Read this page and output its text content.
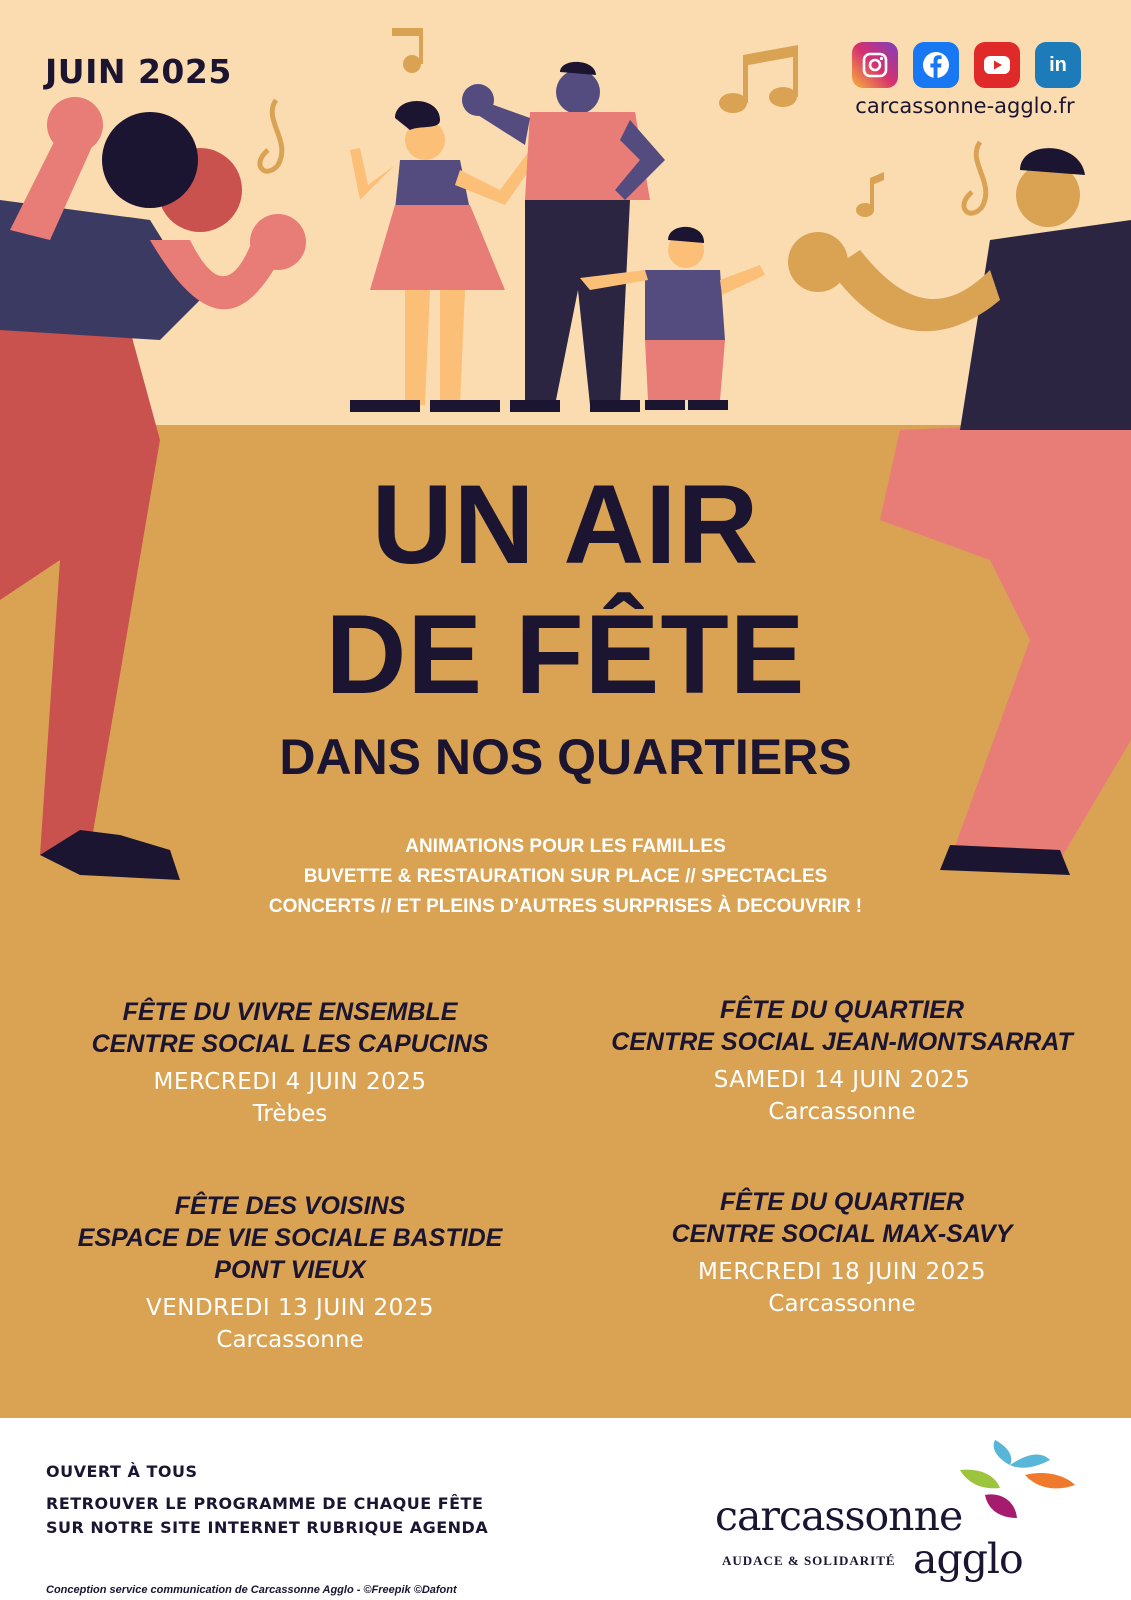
JUIN 2025	in
carcassonne-agglo.fr
UN AIR
DE FÊTE
DANS NOS QUARTIERS
ANIMATIONS POUR LES FAMILLES
BUVETTE & RESTAURATION SUR PLACE // SPECTACLES
CONCERTS // ET PLEINS D’AUTRES SURPRISES À DECOUVRIR !
FÊTE DU VIVRE ENSEMBLE
CENTRE SOCIAL LES CAPUCINS
MERCREDI 4 JUIN 2025
Trèbes
FÊTE DU QUARTIER
CENTRE SOCIAL JEAN-MONTSARRAT
SAMEDI 14 JUIN 2025
Carcassonne
FÊTE DES VOISINS
ESPACE DE VIE SOCIALE BASTIDE
PONT VIEUX
VENDREDI 13 JUIN 2025
Carcassonne
FÊTE DU QUARTIER
CENTRE SOCIAL MAX-SAVY
MERCREDI 18 JUIN 2025
Carcassonne
OUVERT À TOUS
RETROUVER LE PROGRAMME DE CHAQUE FÊTE
SUR NOTRE SITE INTERNET RUBRIQUE AGENDA
Conception service communication de Carcassonne Agglo - ©Freepik ©Dafont
carcassonne
agglo
AUDACE & SOLIDARITÉ
